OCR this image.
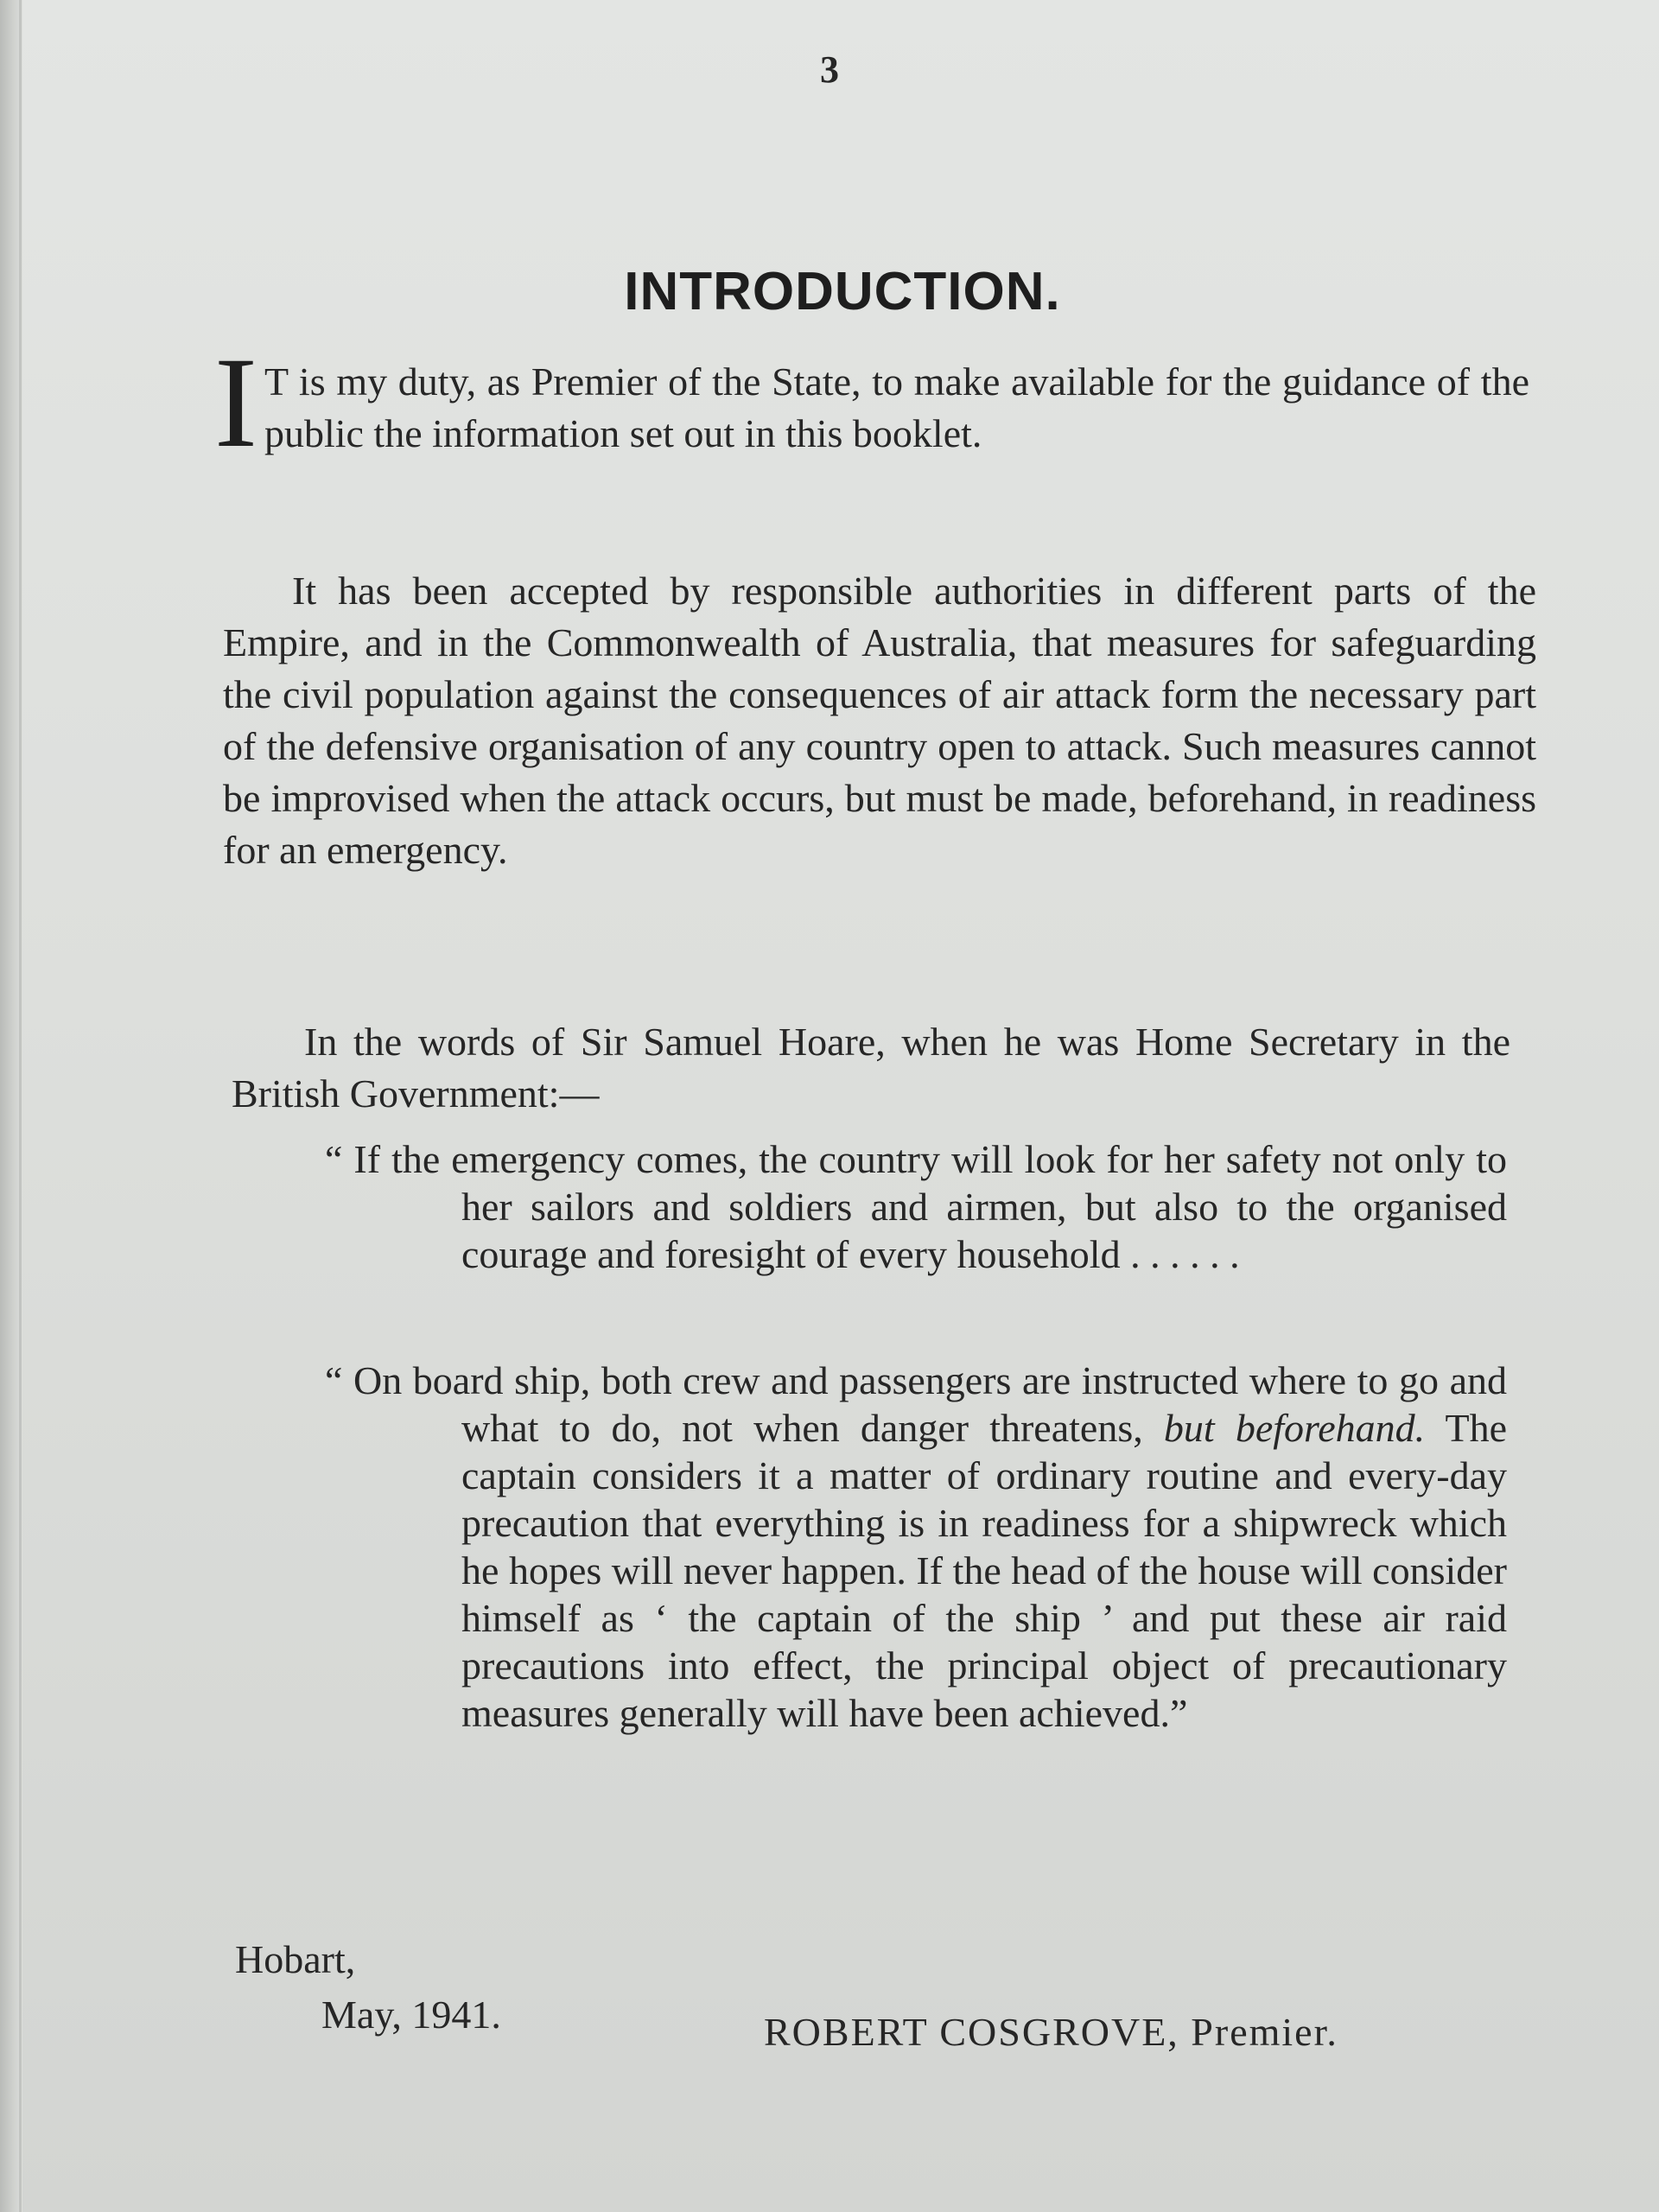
3
INTRODUCTION.
I T is my duty, as Premier of the State, to make available for the guidance of the public the information set out in this booklet.
It has been accepted by responsible authorities in different parts of the Empire, and in the Commonwealth of Australia, that measures for safeguarding the civil population against the consequences of air attack form the necessary part of the defensive organisation of any country open to attack. Such measures cannot be improvised when the attack occurs, but must be made, beforehand, in readiness for an emergency.
In the words of Sir Samuel Hoare, when he was Home Secretary in the British Government:—
“ If the emergency comes, the country will look for her safety not only to her sailors and soldiers and airmen, but also to the organised courage and foresight of every household . . . . . .
“ On board ship, both crew and passengers are instructed where to go and what to do, not when danger threatens, but beforehand. The captain considers it a matter of ordinary routine and every-day precaution that everything is in readiness for a shipwreck which he hopes will never happen. If the head of the house will consider himself as ‘ the captain of the ship ’ and put these air raid precautions into effect, the principal object of precautionary measures generally will have been achieved.”
Hobart,
May, 1941.	ROBERT COSGROVE, Premier.
